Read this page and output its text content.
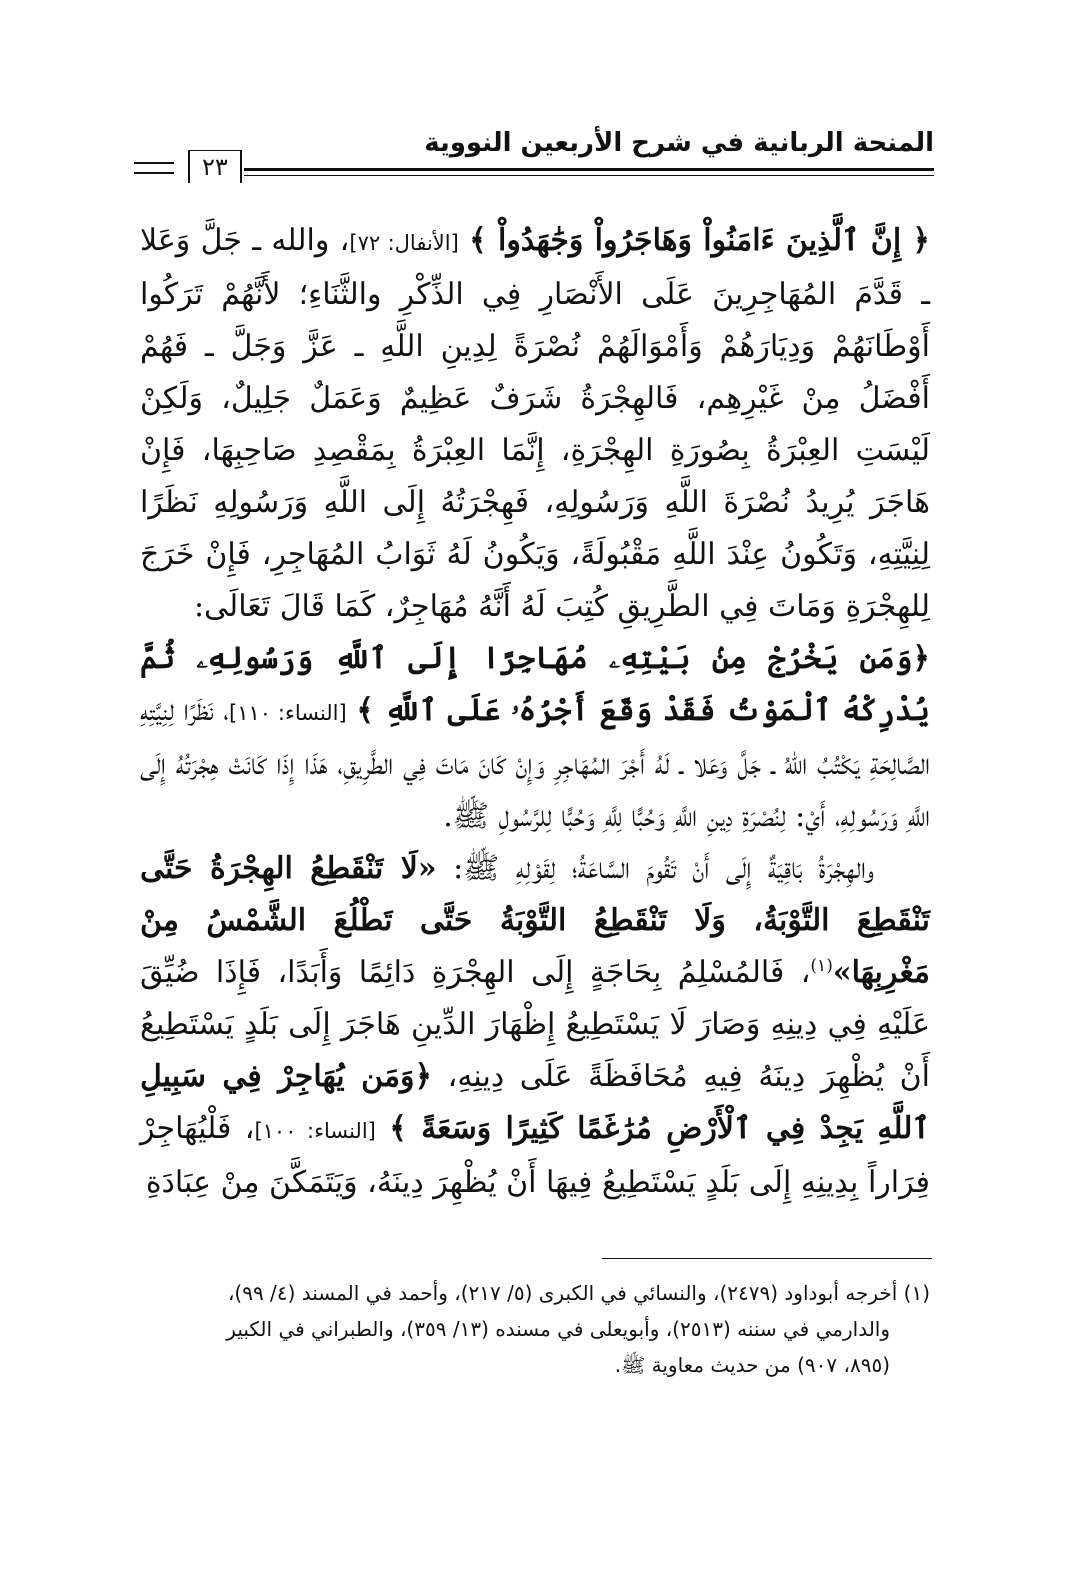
المنحة الربانية في شرح الأربعين النووية
٢٣

﴿ إِنَّ ٱلَّذِينَ ءَامَنُواْ وَهَاجَرُواْ وَجَٰهَدُواْ ﴾ [الأنفال: ٧٢]، والله ـ جَلَّ وَعَلا ـ قَدَّمَ المُهَاجِرِينَ عَلَى الأَنْصَارِ فِي الذِّكْرِ والثَّنَاءِ؛ لأَنَّهُمْ تَرَكُوا أَوْطَانَهُمْ وَدِيَارَهُمْ وَأَمْوَالَهُمْ نُصْرَةً لِدِينِ اللَّهِ ـ عَزَّ وَجَلَّ ـ فَهُمْ أَفْضَلُ مِنْ غَيْرِهِم، فَالهِجْرَةُ شَرَفٌ عَظِيمٌ وَعَمَلٌ جَلِيلٌ، وَلَكِنْ لَيْسَتِ العِبْرَةُ بِصُورَةِ الهِجْرَةِ، إِنَّمَا العِبْرَةُ بِمَقْصِدِ صَاحِبِهَا، فَإِنْ هَاجَرَ يُرِيدُ نُصْرَةَ اللَّهِ وَرَسُولِهِ، فَهِجْرَتُهُ إِلَى اللَّهِ وَرَسُولِهِ نَظَرًا لِنِيَّتِهِ، وَتَكُونُ عِنْدَ اللَّهِ مَقْبُولَةً، وَيَكُونُ لَهُ ثَوَابُ المُهَاجِرِ، فَإِنْ خَرَجَ لِلهِجْرَةِ وَمَاتَ فِي الطَّرِيقِ كُتِبَ لَهُ أَنَّهُ مُهَاجِرٌ، كَمَا قَالَ تَعَالَى:

﴿وَمَن يَخْرُجْ مِنۢ بَيْتِهِۦ مُهَاجِرًا إِلَى ٱللَّهِ وَرَسُولِهِۦ ثُمَّ يُدْرِكْهُ ٱلْمَوْتُ فَقَدْ وَقَعَ أَجْرُهُۥ عَلَى ٱللَّهِ ﴾ [النساء: ١١٠]، نَظَرًا لِنِيَّتِهِ الصَّالِحَةِ يَكْتُبُ اللهُ ـ جَلَّ وَعَلا ـ لَهُ أَجْرَ المُهَاجِرِ وَإِنْ كَانَ مَاتَ فِي الطَّرِيقِ، هَذَا إِذَا كَانَتْ هِجْرَتُهُ إِلَى اللَّهِ وَرَسُولِهِ، أَيْ: لِنُصْرَةِ دِينِ اللَّهِ وَحُبًّا لِلَّهِ وَحُبًّا لِلرَّسُولِ ﷺ.

والهِجْرَةُ بَاقِيَةٌ إِلَى أَنْ تَقُومَ السَّاعَةُ؛ لِقَوْلِهِ ﷺ: «لَا تَنْقَطِعُ الهِجْرَةُ حَتَّى تَنْقَطِعَ التَّوْبَةُ، وَلَا تَنْقَطِعُ التَّوْبَةُ حَتَّى تَطْلُعَ الشَّمْسُ مِنْ مَغْرِبِهَا»$^{(١)}$، فَالمُسْلِمُ بِحَاجَةٍ إِلَى الهِجْرَةِ دَائِمًا وَأَبَدًا، فَإِذَا ضُيِّقَ عَلَيْهِ فِي دِينِهِ وَصَارَ لَا يَسْتَطِيعُ إِظْهَارَ الدِّينِ هَاجَرَ إِلَى بَلَدٍ يَسْتَطِيعُ أَنْ يُظْهِرَ دِينَهُ فِيهِ مُحَافَظَةً عَلَى دِينِهِ، ﴿وَمَن يُهَاجِرْ فِي سَبِيلِ ٱللَّهِ يَجِدْ فِي ٱلْأَرْضِ مُرَٰغَمًا كَثِيرًا وَسَعَةً ﴾ [النساء: ١٠٠]، فَلْيُهَاجِرْ فِرَاراً بِدِينِهِ إِلَى بَلَدٍ يَسْتَطِيعُ فِيهَا أَنْ يُظْهِرَ دِينَهُ، وَيَتَمَكَّنَ مِنْ عِبَادَةِ

(١) أخرجه أبوداود (٢٤٧٩)، والنسائي في الكبرى (٥/ ٢١٧)، وأحمد في المسند (٤/ ٩٩)،

والدارمي في سننه (٢٥١٣)، وأبويعلى في مسنده (١٣/ ٣٥٩)، والطبراني في الكبير

(٨٩٥، ٩٠٧) من حديث معاوية ﷺ.
